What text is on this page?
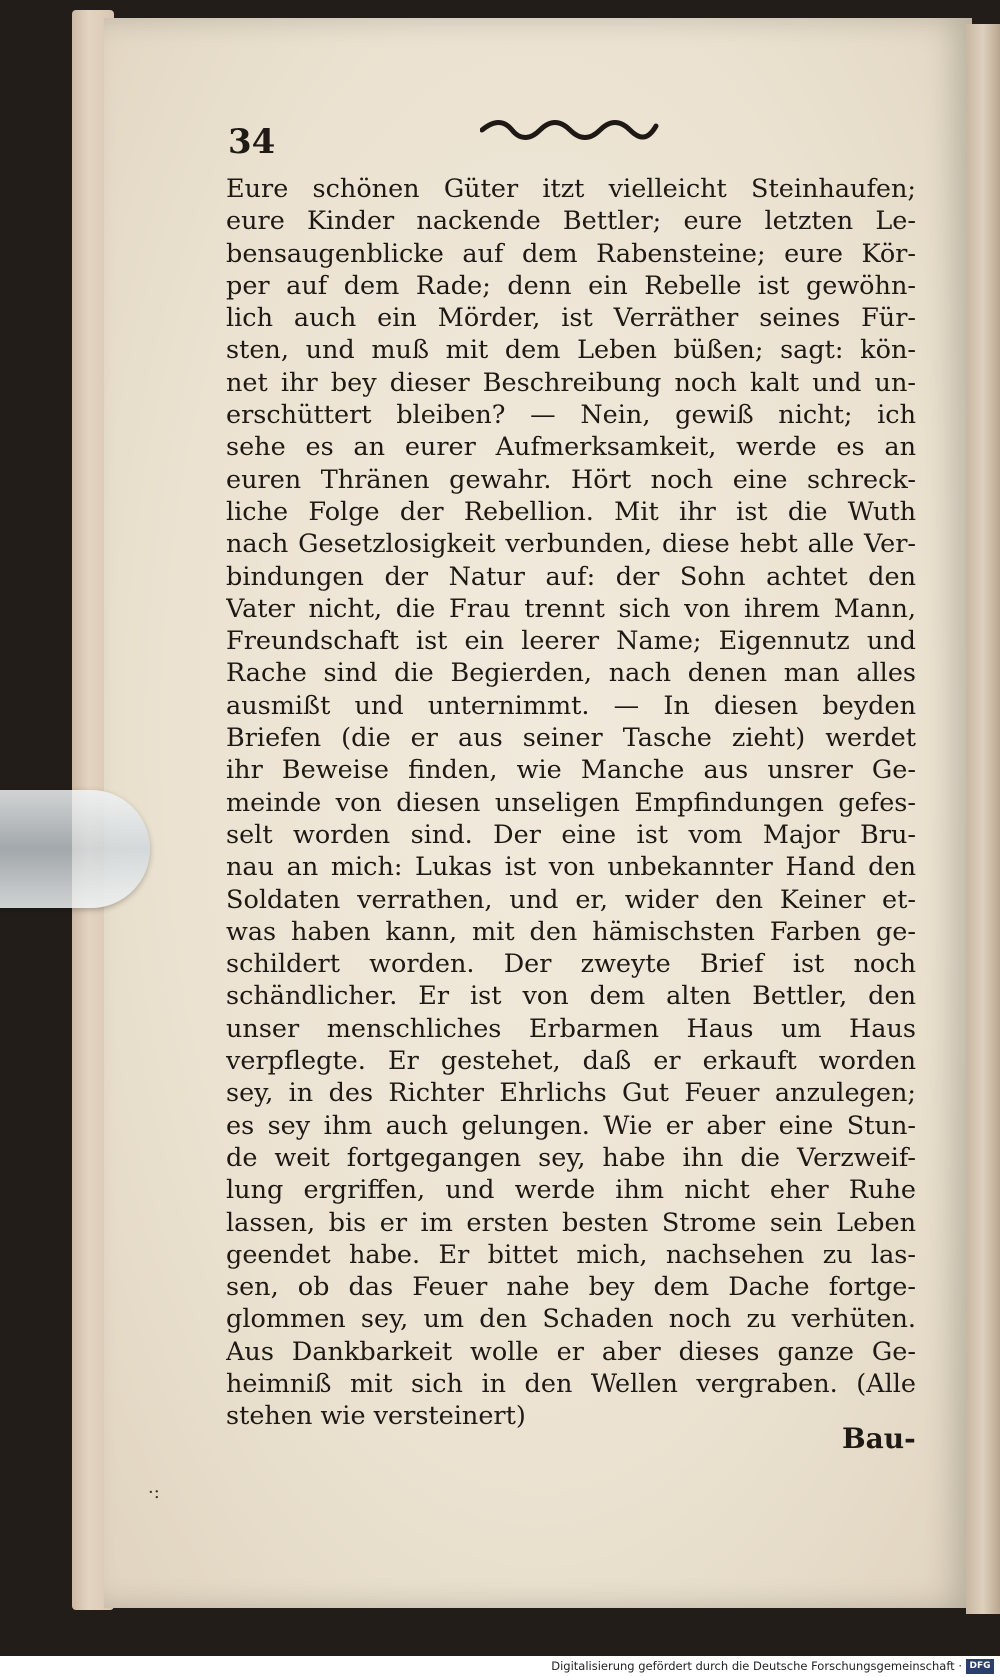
34
Eure schönen Güter itzt vielleicht Steinhaufen;
eure Kinder nackende Bettler; eure letzten Le-
bensaugenblicke auf dem Rabensteine; eure Kör-
per auf dem Rade; denn ein Rebelle ist gewöhn-
lich auch ein Mörder, ist Verräther seines Für-
sten, und muß mit dem Leben büßen; sagt: kön-
net ihr bey dieser Beschreibung noch kalt und un-
erschüttert bleiben? — Nein, gewiß nicht; ich
sehe es an eurer Aufmerksamkeit, werde es an
euren Thränen gewahr. Hört noch eine schreck-
liche Folge der Rebellion. Mit ihr ist die Wuth
nach Gesetzlosigkeit verbunden, diese hebt alle Ver-
bindungen der Natur auf: der Sohn achtet den
Vater nicht, die Frau trennt sich von ihrem Mann,
Freundschaft ist ein leerer Name; Eigennutz und
Rache sind die Begierden, nach denen man alles
ausmißt und unternimmt. — In diesen beyden
Briefen (die er aus seiner Tasche zieht) werdet
ihr Beweise finden, wie Manche aus unsrer Ge-
meinde von diesen unseligen Empfindungen gefes-
selt worden sind. Der eine ist vom Major Bru-
nau an mich: Lukas ist von unbekannter Hand den
Soldaten verrathen, und er, wider den Keiner et-
was haben kann, mit den hämischsten Farben ge-
schildert worden. Der zweyte Brief ist noch
schändlicher. Er ist von dem alten Bettler, den
unser menschliches Erbarmen Haus um Haus
verpflegte. Er gestehet, daß er erkauft worden
sey, in des Richter Ehrlichs Gut Feuer anzulegen;
es sey ihm auch gelungen. Wie er aber eine Stun-
de weit fortgegangen sey, habe ihn die Verzweif-
lung ergriffen, und werde ihm nicht eher Ruhe
lassen, bis er im ersten besten Strome sein Leben
geendet habe. Er bittet mich, nachsehen zu las-
sen, ob das Feuer nahe bey dem Dache fortge-
glommen sey, um den Schaden noch zu verhüten.
Aus Dankbarkeit wolle er aber dieses ganze Ge-
heimniß mit sich in den Wellen vergraben. (Alle
stehen wie versteinert)
Bau-
·:
Digitalisierung gefördert durch die Deutsche Forschungsgemeinschaft · DFG
